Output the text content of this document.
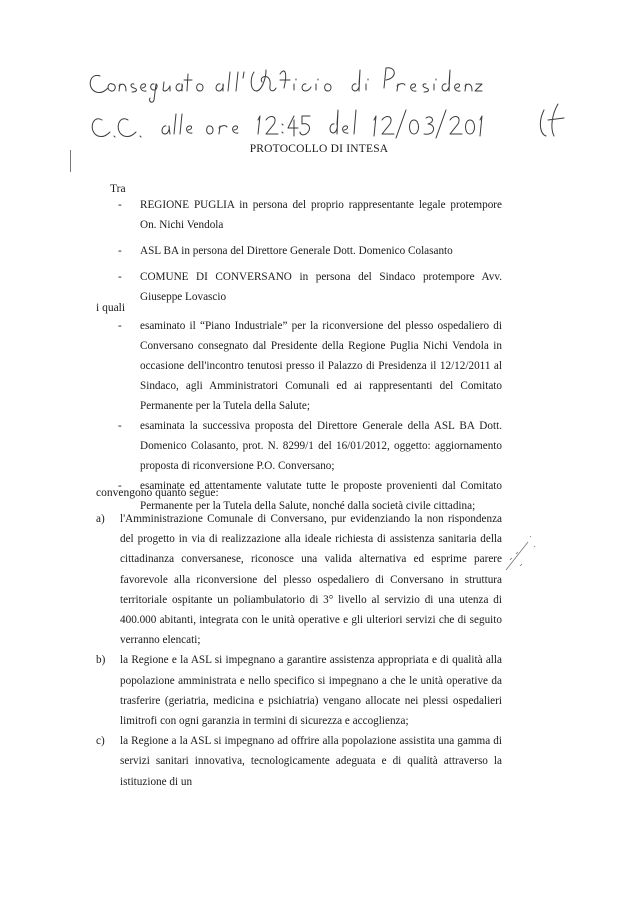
PROTOCOLLO DI INTESA
Tra
- REGIONE PUGLIA in persona del proprio rappresentante legale protempore On. Nichi Vendola
- ASL BA in persona del Direttore Generale Dott. Domenico Colasanto
- COMUNE DI CONVERSANO in persona del Sindaco protempore Avv. Giuseppe Lovascio
i quali
- esaminato il “Piano Industriale” per la riconversione del plesso ospedaliero di Conversano consegnato dal Presidente della Regione Puglia Nichi Vendola in occasione dell'incontro tenutosi presso il Palazzo di Presidenza il 12/12/2011 al Sindaco, agli Amministratori Comunali ed ai rappresentanti del Comitato Permanente per la Tutela della Salute;
- esaminata la successiva proposta del Direttore Generale della ASL BA Dott. Domenico Colasanto, prot. N. 8299/1 del 16/01/2012, oggetto: aggiornamento proposta di riconversione P.O. Conversano;
- esaminate ed attentamente valutate tutte le proposte provenienti dal Comitato Permanente per la Tutela della Salute, nonché dalla società civile cittadina;
convengono quanto segue:
a) l'Amministrazione Comunale di Conversano, pur evidenziando la non rispondenza del progetto in via di realizzazione alla ideale richiesta di assistenza sanitaria della cittadinanza conversanese, riconosce una valida alternativa ed esprime parere favorevole alla riconversione del plesso ospedaliero di Conversano in struttura territoriale ospitante un poliambulatorio di 3° livello al servizio di una utenza di 400.000 abitanti, integrata con le unità operative e gli ulteriori servizi che di seguito verranno elencati;
b) la Regione e la ASL si impegnano a garantire assistenza appropriata e di qualità alla popolazione amministrata e nello specifico si impegnano a che le unità operative da trasferire (geriatria, medicina e psichiatria) vengano allocate nei plessi ospedalieri limitrofi con ogni garanzia in termini di sicurezza e accoglienza;
c) la Regione a la ASL si impegnano ad offrire alla popolazione assistita una gamma di servizi sanitari innovativa, tecnologicamente adeguata e di qualità attraverso la istituzione di un
